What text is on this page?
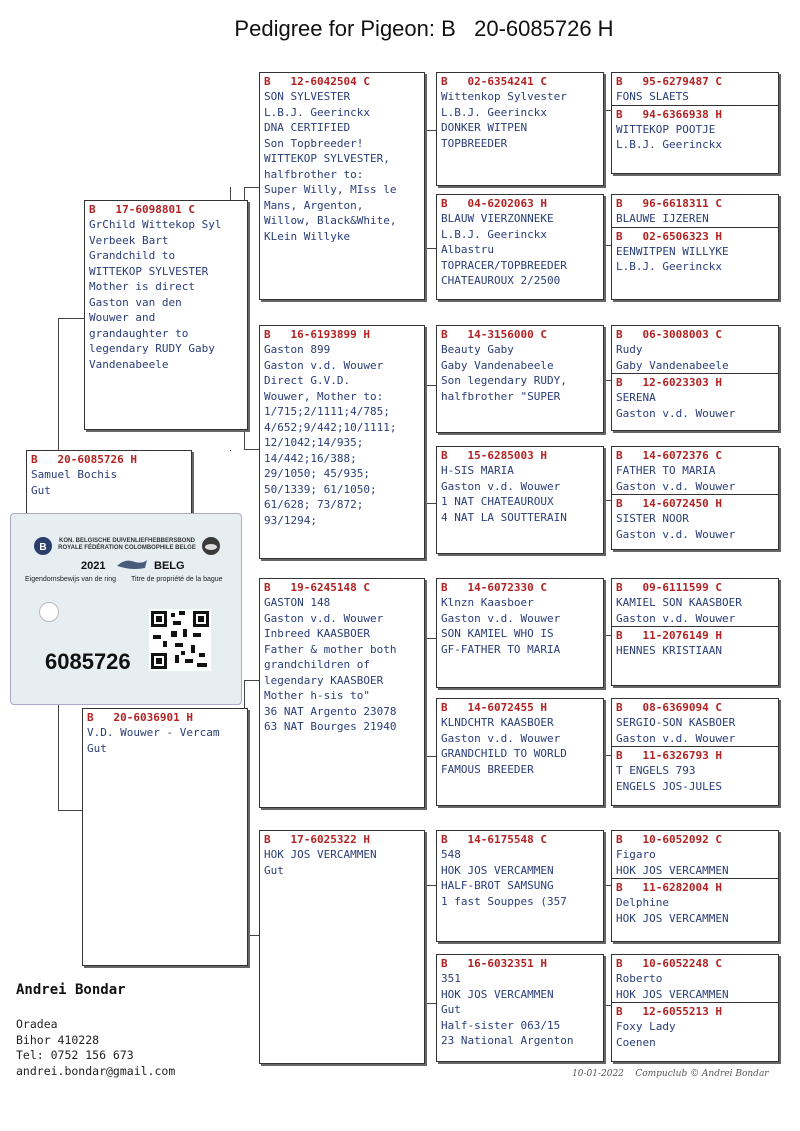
Pedigree for Pigeon: B   20-6085726 H
B   20-6085726 H
Samuel Bochis
Gut
B   17-6098801 C
GrChild Wittekop Syl
Verbeek Bart
Grandchild to
WITTEKOP SYLVESTER
Mother is direct
Gaston van den
Wouwer and
grandaughter to
legendary RUDY Gaby
Vandenabeele
B   20-6036901 H
V.D. Wouwer - Vercam
Gut
B
KON. BELGISCHE DUIVENLIEFHEBBERSBOND
ROYALE FÉDÉRATION COLOMBOPHILE BELGE
2021	BELG
Eigendomsbewijs van de ring Titre de propriété de la bague
6085726
B   12-6042504 C
SON SYLVESTER
L.B.J. Geerinckx
DNA CERTIFIED
Son Topbreeder!
WITTEKOP SYLVESTER,
halfbrother to:
Super Willy, MIss le
Mans, Argenton,
Willow, Black&White,
KLein Willyke
B   16-6193899 H
Gaston 899
Gaston v.d. Wouwer
Direct G.V.D.
Wouwer, Mother to:
1/715;2/1111;4/785;
4/652;9/442;10/1111;
12/1042;14/935;
14/442;16/388;
29/1050; 45/935;
50/1339; 61/1050;
61/628; 73/872;
93/1294;
B   19-6245148 C
GASTON 148
Gaston v.d. Wouwer
Inbreed KAASBOER
Father & mother both
grandchildren of
legendary KAASBOER
Mother h-sis to"
36 NAT Argento 23078
63 NAT Bourges 21940
B   17-6025322 H
HOK JOS VERCAMMEN
Gut
B   02-6354241 C
Wittenkop Sylvester
L.B.J. Geerinckx
DONKER WITPEN
TOPBREEDER
B   04-6202063 H
BLAUW VIERZONNEKE
L.B.J. Geerinckx
Albastru
TOPRACER/TOPBREEDER
CHATEAUROUX 2/2500
B   14-3156000 C
Beauty Gaby
Gaby Vandenabeele
Son legendary RUDY,
halfbrother "SUPER
B   15-6285003 H
H-SIS MARIA
Gaston v.d. Wouwer
1 NAT CHATEAUROUX
4 NAT LA SOUTTERAIN
B   14-6072330 C
Klnzn Kaasboer
Gaston v.d. Wouwer
SON KAMIEL WHO IS
GF-FATHER TO MARIA
B   14-6072455 H
KLNDCHTR KAASBOER
Gaston v.d. Wouwer
GRANDCHILD TO WORLD
FAMOUS BREEDER
B   14-6175548 C
548
HOK JOS VERCAMMEN
HALF-BROT SAMSUNG
1 fast Souppes (357
B   16-6032351 H
351
HOK JOS VERCAMMEN
Gut
Half-sister 063/15
23 National Argenton
B   95-6279487 C
FONS SLAETS
B   94-6366938 H
WITTEKOP POOTJE
L.B.J. Geerinckx
B   96-6618311 C
BLAUWE IJZEREN
B   02-6506323 H
EENWITPEN WILLYKE
L.B.J. Geerinckx
B   06-3008003 C
Rudy
Gaby Vandenabeele
B   12-6023303 H
SERENA
Gaston v.d. Wouwer
B   14-6072376 C
FATHER TO MARIA
Gaston v.d. Wouwer
B   14-6072450 H
SISTER NOOR
Gaston v.d. Wouwer
B   09-6111599 C
KAMIEL SON KAASBOER
Gaston v.d. Wouwer
B   11-2076149 H
HENNES KRISTIAAN
B   08-6369094 C
SERGIO-SON KASBOER
Gaston v.d. Wouwer
B   11-6326793 H
T ENGELS 793
ENGELS JOS-JULES
B   10-6052092 C
Figaro
HOK JOS VERCAMMEN
B   11-6282004 H
Delphine
HOK JOS VERCAMMEN
B   10-6052248 C
Roberto
HOK JOS VERCAMMEN
B   12-6055213 H
Foxy Lady
Coenen
Andrei Bondar
Oradea
Bihor 410228
Tel: 0752 156 673
andrei.bondar@gmail.com	10-01-2022    Compuclub © Andrei Bondar
